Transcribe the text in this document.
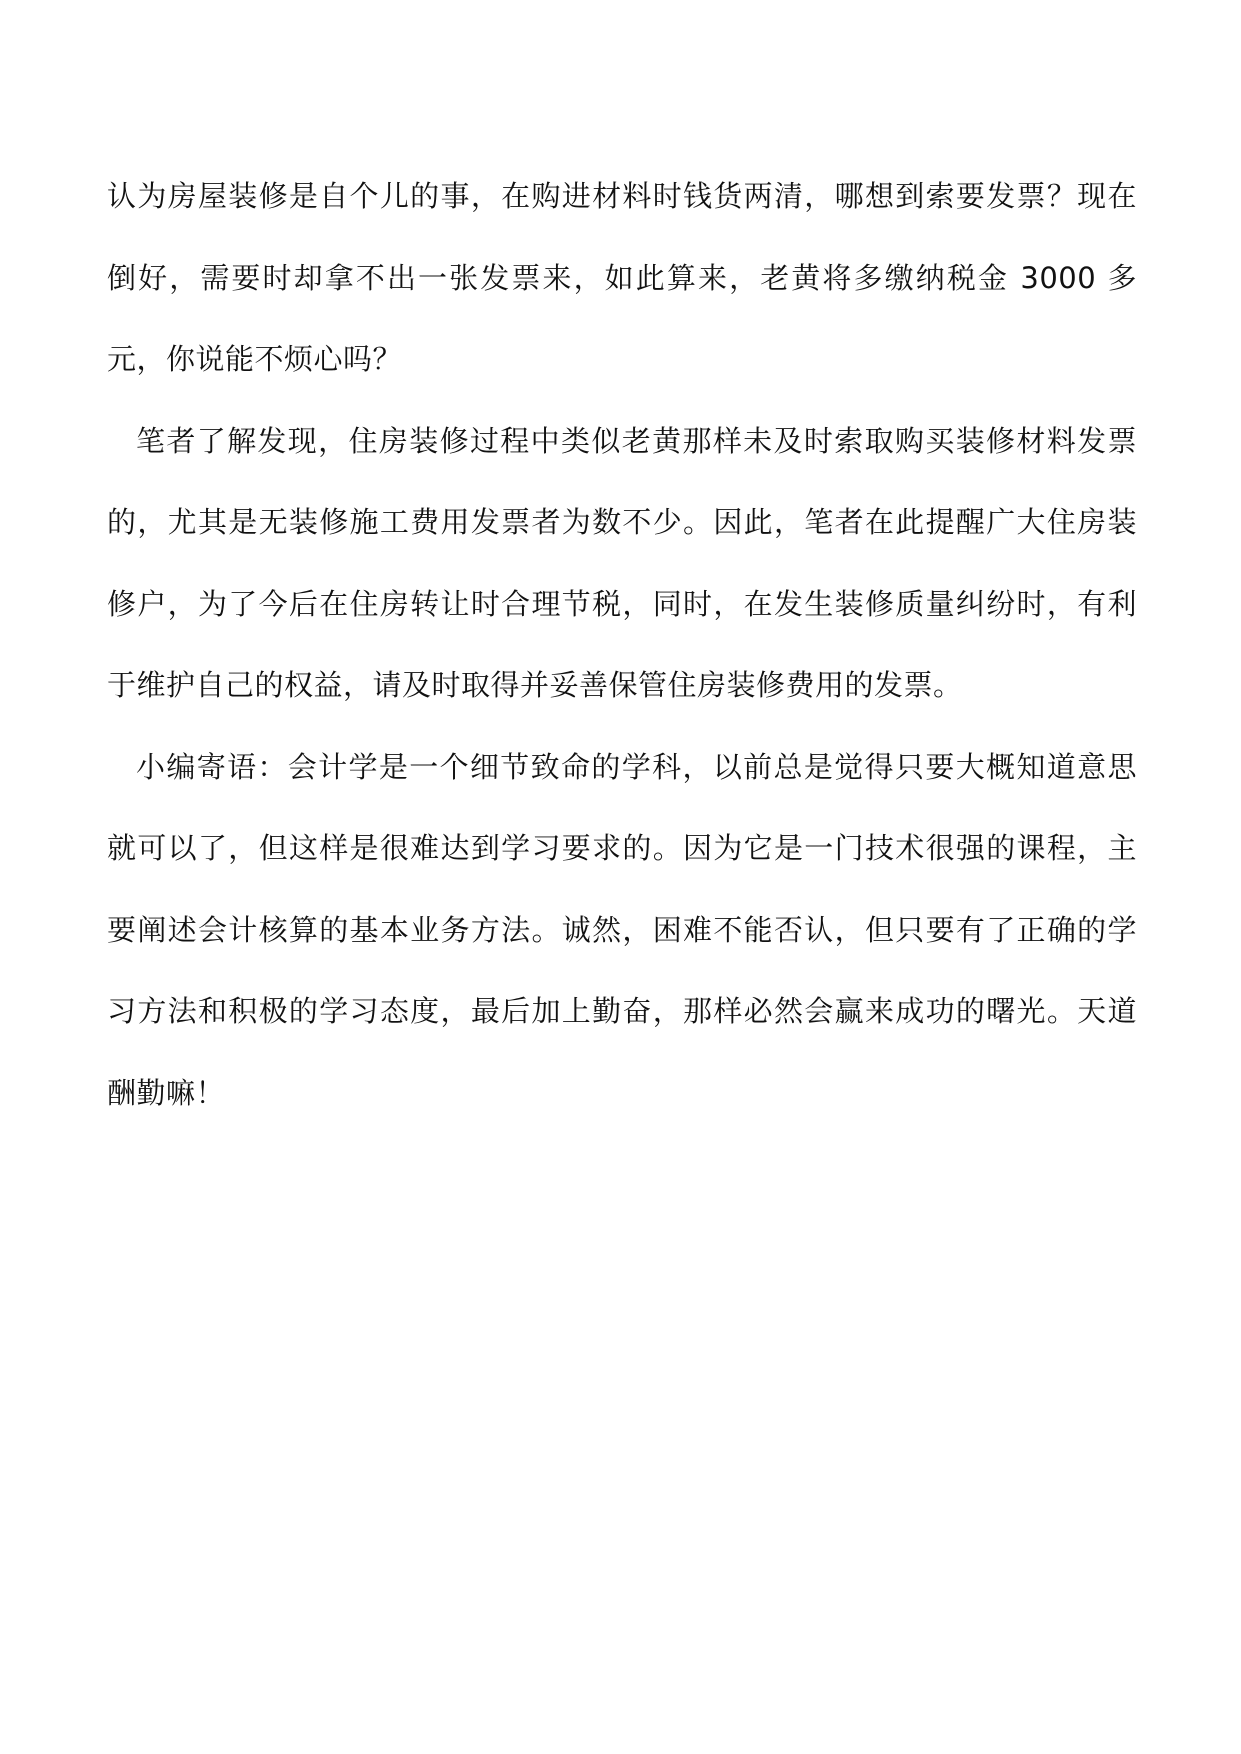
认为房屋装修是自个儿的事，在购进材料时钱货两清，哪想到索要发票？现在倒好，需要时却拿不出一张发票来，如此算来，老黄将多缴纳税金 3000 多元，你说能不烦心吗？

笔者了解发现，住房装修过程中类似老黄那样未及时索取购买装修材料发票的，尤其是无装修施工费用发票者为数不少。因此，笔者在此提醒广大住房装修户，为了今后在住房转让时合理节税，同时，在发生装修质量纠纷时，有利于维护自己的权益，请及时取得并妥善保管住房装修费用的发票。

小编寄语：会计学是一个细节致命的学科，以前总是觉得只要大概知道意思就可以了，但这样是很难达到学习要求的。因为它是一门技术很强的课程，主要阐述会计核算的基本业务方法。诚然，困难不能否认，但只要有了正确的学习方法和积极的学习态度，最后加上勤奋，那样必然会赢来成功的曙光。天道酬勤嘛！
